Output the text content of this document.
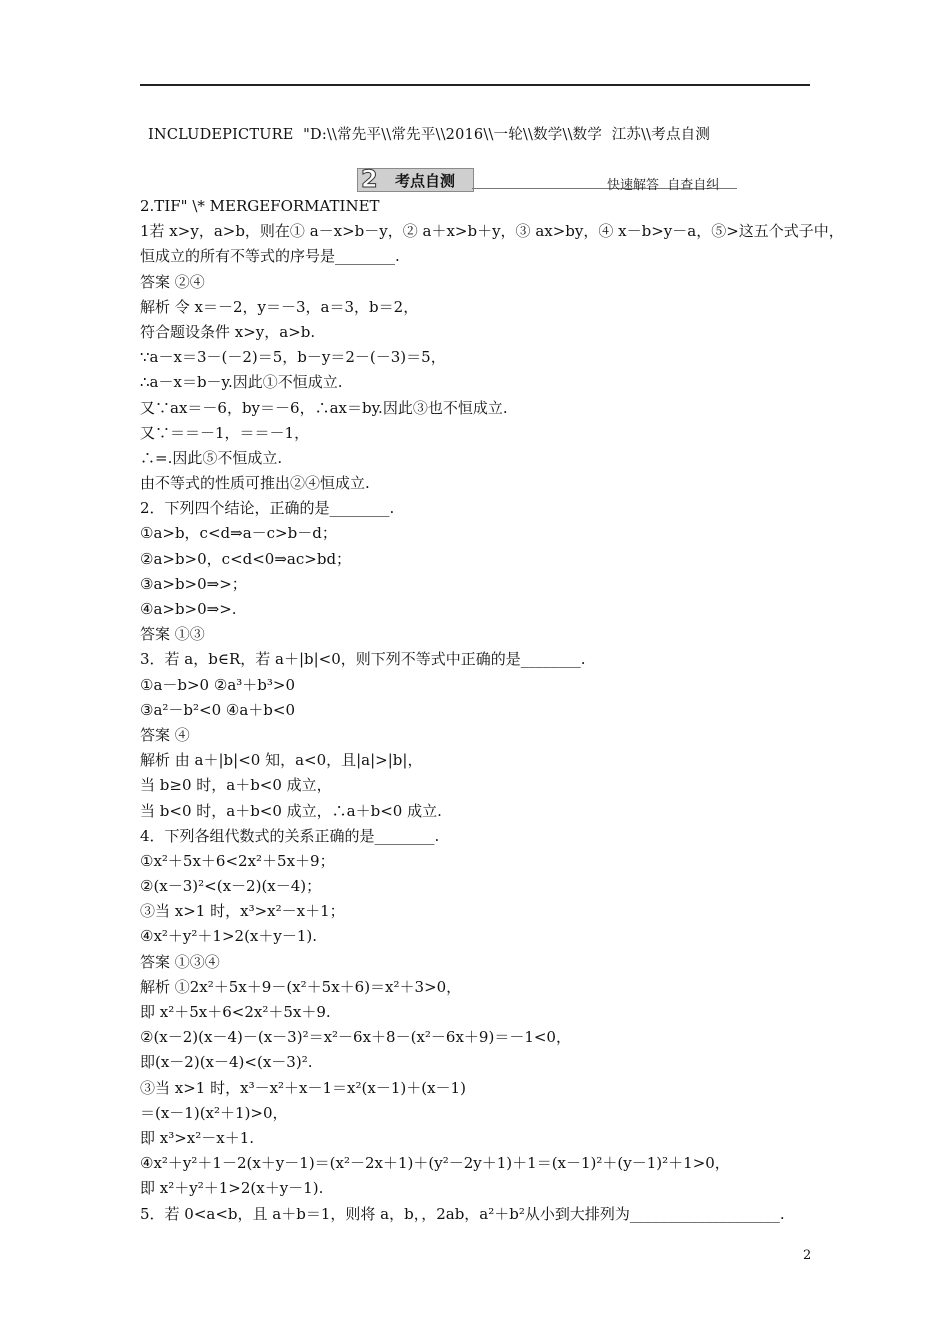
INCLUDEPICTURE  "D:\\常先平\\常先平\\2016\\一轮\\数学\\数学  江苏\\考点自测
2 考点自测	快速解答  自查自纠
2.TIF" \* MERGEFORMATINET
1若 x>y，a>b，则在① a－x>b－y，② a＋x>b＋y，③ ax>by，④ x－b>y－a，⑤>这五个式子中，
恒成立的所有不等式的序号是________.
答案 ②④
解析 令 x＝－2，y＝－3，a＝3，b＝2，
符合题设条件 x>y，a>b.
∵a－x＝3－(－2)＝5，b－y＝2－(－3)＝5，
∴a－x＝b－y.因此①不恒成立.
又∵ax＝－6，by＝－6，∴ax＝by.因此③也不恒成立.
又∵＝＝－1，＝＝－1，
∴=.因此⑤不恒成立.
由不等式的性质可推出②④恒成立.
2．下列四个结论，正确的是________.
①a>b，c<d⇒a－c>b－d；
②a>b>0，c<d<0⇒ac>bd；
③a>b>0⇒>；
④a>b>0⇒>.
答案 ①③
3．若 a，b∈R，若 a＋|b|<0，则下列不等式中正确的是________.
①a－b>0 ②a³＋b³>0
③a²－b²<0 ④a＋b<0
答案 ④
解析 由 a＋|b|<0 知，a<0，且|a|>|b|，
当 b≥0 时，a＋b<0 成立，
当 b<0 时，a＋b<0 成立，∴a＋b<0 成立.
4．下列各组代数式的关系正确的是________.
①x²＋5x＋6<2x²＋5x＋9；
②(x－3)²<(x－2)(x－4)；
③当 x>1 时，x³>x²－x＋1；
④x²＋y²＋1>2(x＋y－1).
答案 ①③④
解析 ①2x²＋5x＋9－(x²＋5x＋6)＝x²＋3>0，
即 x²＋5x＋6<2x²＋5x＋9.
②(x－2)(x－4)－(x－3)²＝x²－6x＋8－(x²－6x＋9)＝－1<0，
即(x－2)(x－4)<(x－3)².
③当 x>1 时，x³－x²＋x－1＝x²(x－1)＋(x－1)
＝(x－1)(x²＋1)>0，
即 x³>x²－x＋1.
④x²＋y²＋1－2(x＋y－1)＝(x²－2x＋1)＋(y²－2y＋1)＋1＝(x－1)²＋(y－1)²＋1>0，
即 x²＋y²＋1>2(x＋y－1).
5．若 0<a<b，且 a＋b＝1，则将 a，b，，2ab，a²＋b²从小到大排列为____________________.
2
